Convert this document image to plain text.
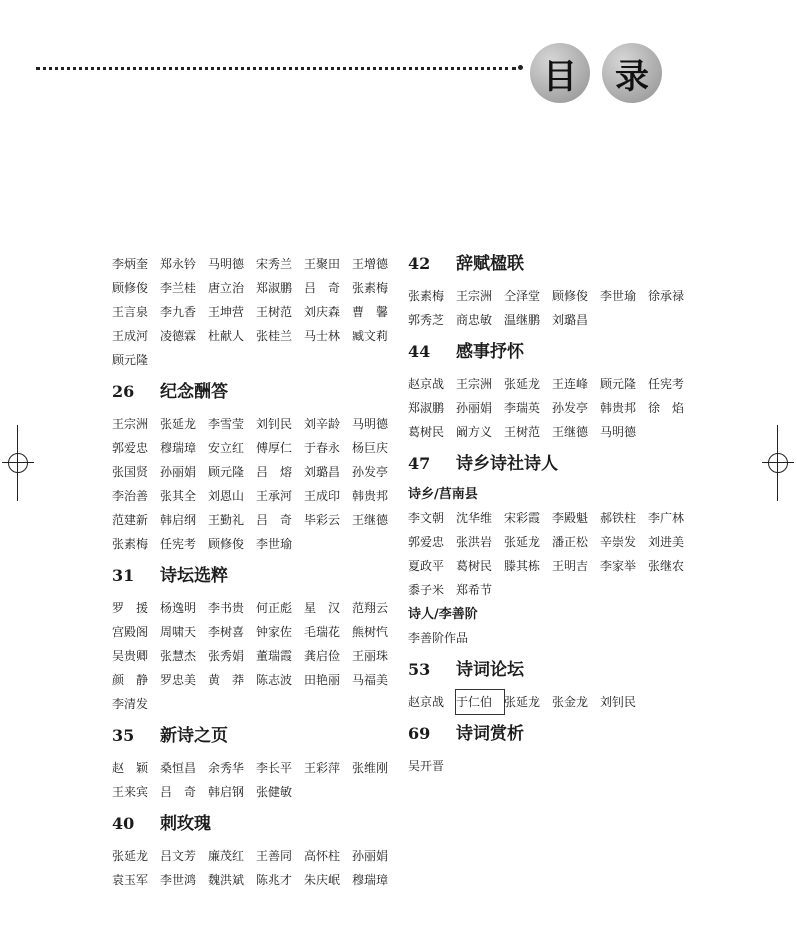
目	录
李炳奎 郑永钤 马明德 宋秀兰 王聚田 王增德
顾修俊 李兰桂 唐立治 郑淑鹏 吕　奇 张素梅
王言泉 李九香 王坤营 王树范 刘庆森 曹　馨
王成河 凌德霖 杜献人 张桂兰 马士林 臧文莉
顾元隆
26	纪念酬答
王宗洲 张延龙 李雪莹 刘钊民 刘辛龄 马明德
郭爱忠 穆瑞璋 安立红 傅厚仁 于春永 杨巨庆
张国贤 孙丽娟 顾元隆 吕　熔 刘璐昌 孙发亭
李治善 张其全 刘恩山 王承河 王成印 韩贵邦
范建新 韩启纲 王勤礼 吕　奇 毕彩云 王继德
张素梅 任宪考 顾修俊 李世瑜
31	诗坛选粹
罗　援 杨逸明 李书贵 何正彪 星　汉 范翔云
宫殿阁 周啸天 李树喜 钟家佐 毛瑞花 熊树忾
吴贵卿 张慧杰 张秀娟 董瑞霞 龚启俭 王丽珠
颜　静 罗忠美 黄　莽 陈志波 田艳丽 马福美
李清发
35	新诗之页
赵　颖 桑恒昌 余秀华 李长平 王彩萍 张维刚
王来宾 吕　奇 韩启钢 张健敏
40	刺玫瑰
张延龙 吕文芳 廉茂红 王善同 高怀柱 孙丽娟
袁玉军 李世鸿 魏洪斌 陈兆才 朱庆岷 穆瑞璋
42	辞赋楹联
张素梅 王宗洲 仝泽堂 顾修俊 李世瑜 徐承禄
郭秀芝 商忠敏 温继鹏 刘璐昌
44	感事抒怀
赵京战 王宗洲 张延龙 王连峰 顾元隆 任宪考
郑淑鹏 孙丽娟 李瑞英 孙发亭 韩贵邦 徐　焰
葛树民 阚方义 王树范 王继德 马明德
47	诗乡诗社诗人
诗乡/莒南县
李文朝 沈华维 宋彩霞 李殿魁 郝铁柱 李广林
郭爱忠 张洪岩 张延龙 潘正松 辛崇发 刘进美
夏政平 葛树民 滕其栋 王明吉 李家举 张继农
黍子米 郑希节
诗人/李善阶
李善阶作品
53	诗词论坛
赵京战 于仁伯 张延龙 张金龙 刘钊民
69	诗词赏析
吴开晋
